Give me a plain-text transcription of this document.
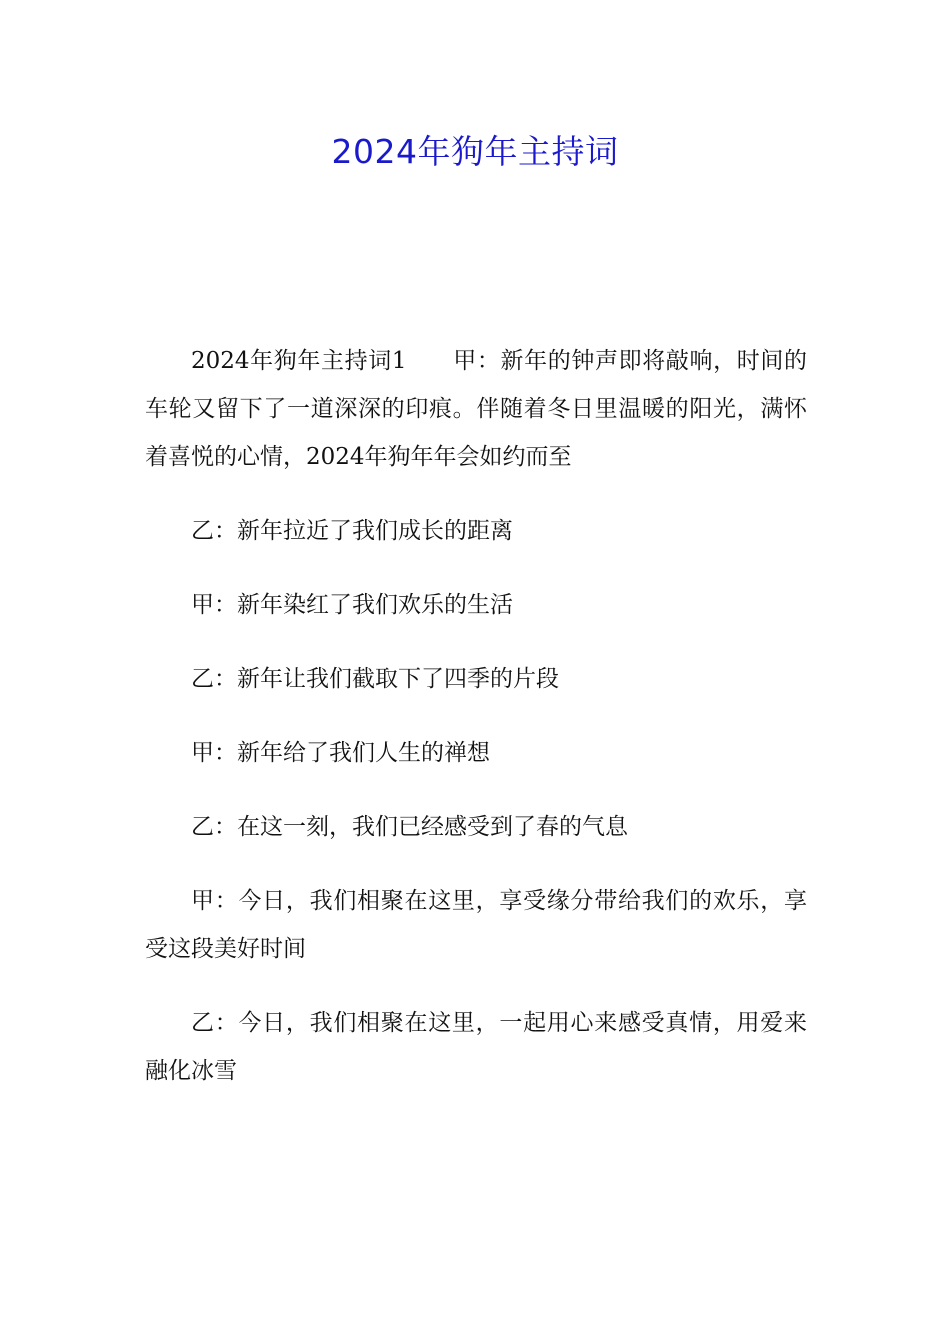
2024年狗年主持词

2024年狗年主持词1 甲：新年的钟声即将敲响，时间的车轮又留下了一道深深的印痕。伴随着冬日里温暖的阳光，满怀着喜悦的心情，2024年狗年年会如约而至

乙：新年拉近了我们成长的距离

甲：新年染红了我们欢乐的生活

乙：新年让我们截取下了四季的片段

甲：新年给了我们人生的禅想

乙：在这一刻，我们已经感受到了春的气息

甲：今日，我们相聚在这里，享受缘分带给我们的欢乐，享受这段美好时间

乙：今日，我们相聚在这里，一起用心来感受真情，用爱来融化冰雪
